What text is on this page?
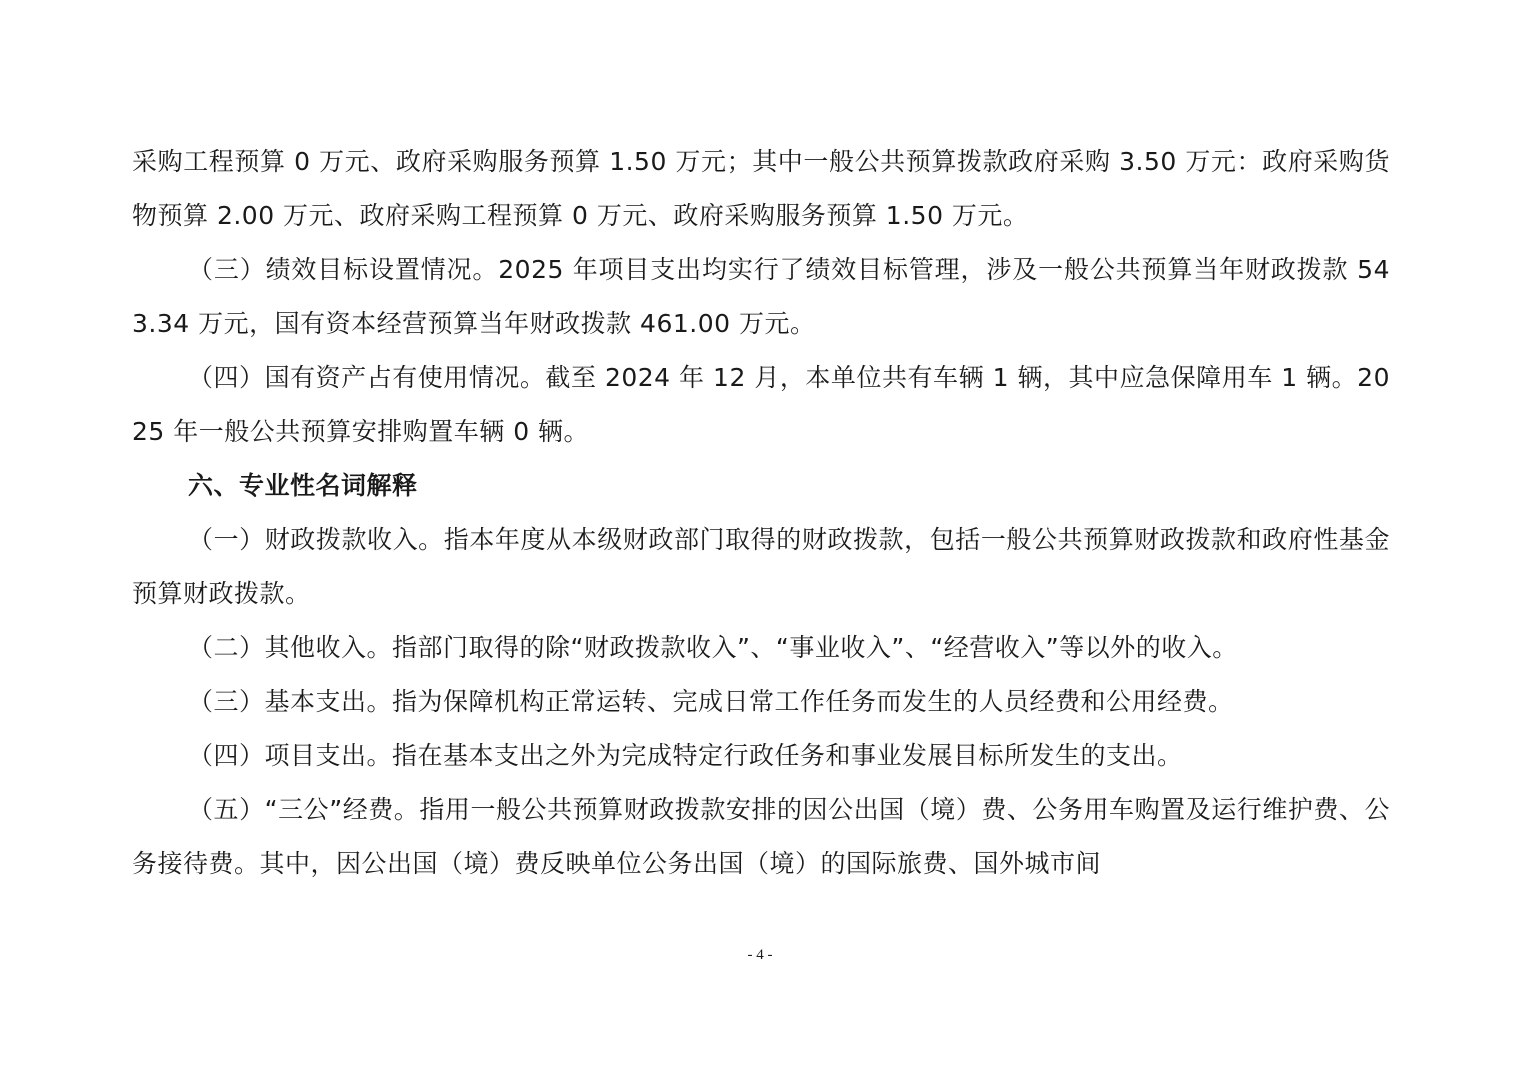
采购工程预算 0 万元、政府采购服务预算 1.50 万元；其中一般公共预算拨款政府采购 3.50 万元：政府采购货物预算 2.00 万元、政府采购工程预算 0 万元、政府采购服务预算 1.50 万元。

（三）绩效目标设置情况。2025 年项目支出均实行了绩效目标管理，涉及一般公共预算当年财政拨款 543.34 万元，国有资本经营预算当年财政拨款 461.00 万元。

（四）国有资产占有使用情况。截至 2024 年 12 月，本单位共有车辆 1 辆，其中应急保障用车 1 辆。2025 年一般公共预算安排购置车辆 0 辆。

六、专业性名词解释

（一）财政拨款收入。指本年度从本级财政部门取得的财政拨款，包括一般公共预算财政拨款和政府性基金预算财政拨款。

（二）其他收入。指部门取得的除“财政拨款收入”、“事业收入”、“经营收入”等以外的收入。

（三）基本支出。指为保障机构正常运转、完成日常工作任务而发生的人员经费和公用经费。

（四）项目支出。指在基本支出之外为完成特定行政任务和事业发展目标所发生的支出。

（五）“三公”经费。指用一般公共预算财政拨款安排的因公出国（境）费、公务用车购置及运行维护费、公务接待费。其中，因公出国（境）费反映单位公务出国（境）的国际旅费、国外城市间

- 4 -
